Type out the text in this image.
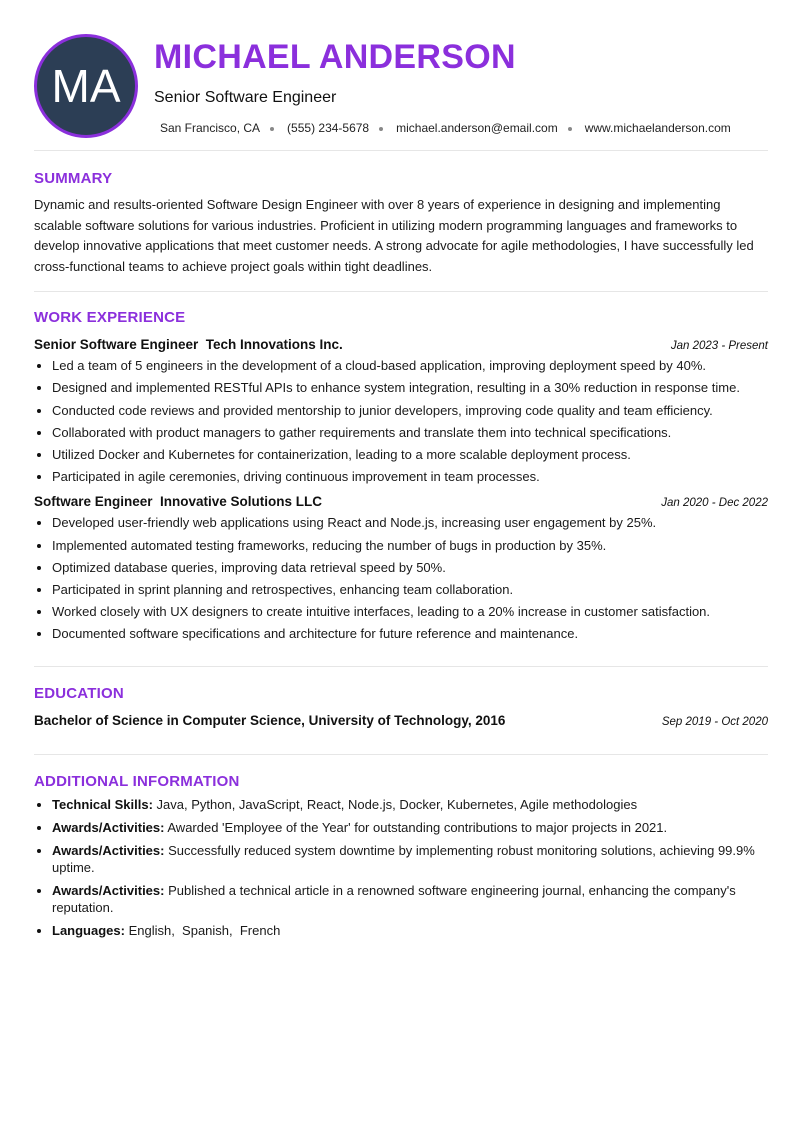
MA
MICHAEL ANDERSON
Senior Software Engineer
San Francisco, CA (555) 234-5678 michael.anderson@email.com www.michaelanderson.com
SUMMARY

Dynamic and results-oriented Software Design Engineer with over 8 years of experience in designing and implementing scalable software solutions for various industries. Proficient in utilizing modern programming languages and frameworks to develop innovative applications that meet customer needs. A strong advocate for agile methodologies, I have successfully led cross-functional teams to achieve project goals within tight deadlines.

WORK EXPERIENCE
Senior Software Engineer  Tech Innovations Inc.	Jan 2023 - Present
Led a team of 5 engineers in the development of a cloud-based application, improving deployment speed by 40%.
Designed and implemented RESTful APIs to enhance system integration, resulting in a 30% reduction in response time.
Conducted code reviews and provided mentorship to junior developers, improving code quality and team efficiency.
Collaborated with product managers to gather requirements and translate them into technical specifications.
Utilized Docker and Kubernetes for containerization, leading to a more scalable deployment process.
Participated in agile ceremonies, driving continuous improvement in team processes.
Software Engineer  Innovative Solutions LLC	Jan 2020 - Dec 2022
Developed user-friendly web applications using React and Node.js, increasing user engagement by 25%.
Implemented automated testing frameworks, reducing the number of bugs in production by 35%.
Optimized database queries, improving data retrieval speed by 50%.
Participated in sprint planning and retrospectives, enhancing team collaboration.
Worked closely with UX designers to create intuitive interfaces, leading to a 20% increase in customer satisfaction.
Documented software specifications and architecture for future reference and maintenance.
EDUCATION
Bachelor of Science in Computer Science, University of Technology, 2016	Sep 2019 - Oct 2020
ADDITIONAL INFORMATION
Technical Skills: Java, Python, JavaScript, React, Node.js, Docker, Kubernetes, Agile methodologies
Awards/Activities: Awarded 'Employee of the Year' for outstanding contributions to major projects in 2021.
Awards/Activities: Successfully reduced system downtime by implementing robust monitoring solutions, achieving 99.9% uptime.
Awards/Activities: Published a technical article in a renowned software engineering journal, enhancing the company's reputation.
Languages: English,  Spanish,  French
